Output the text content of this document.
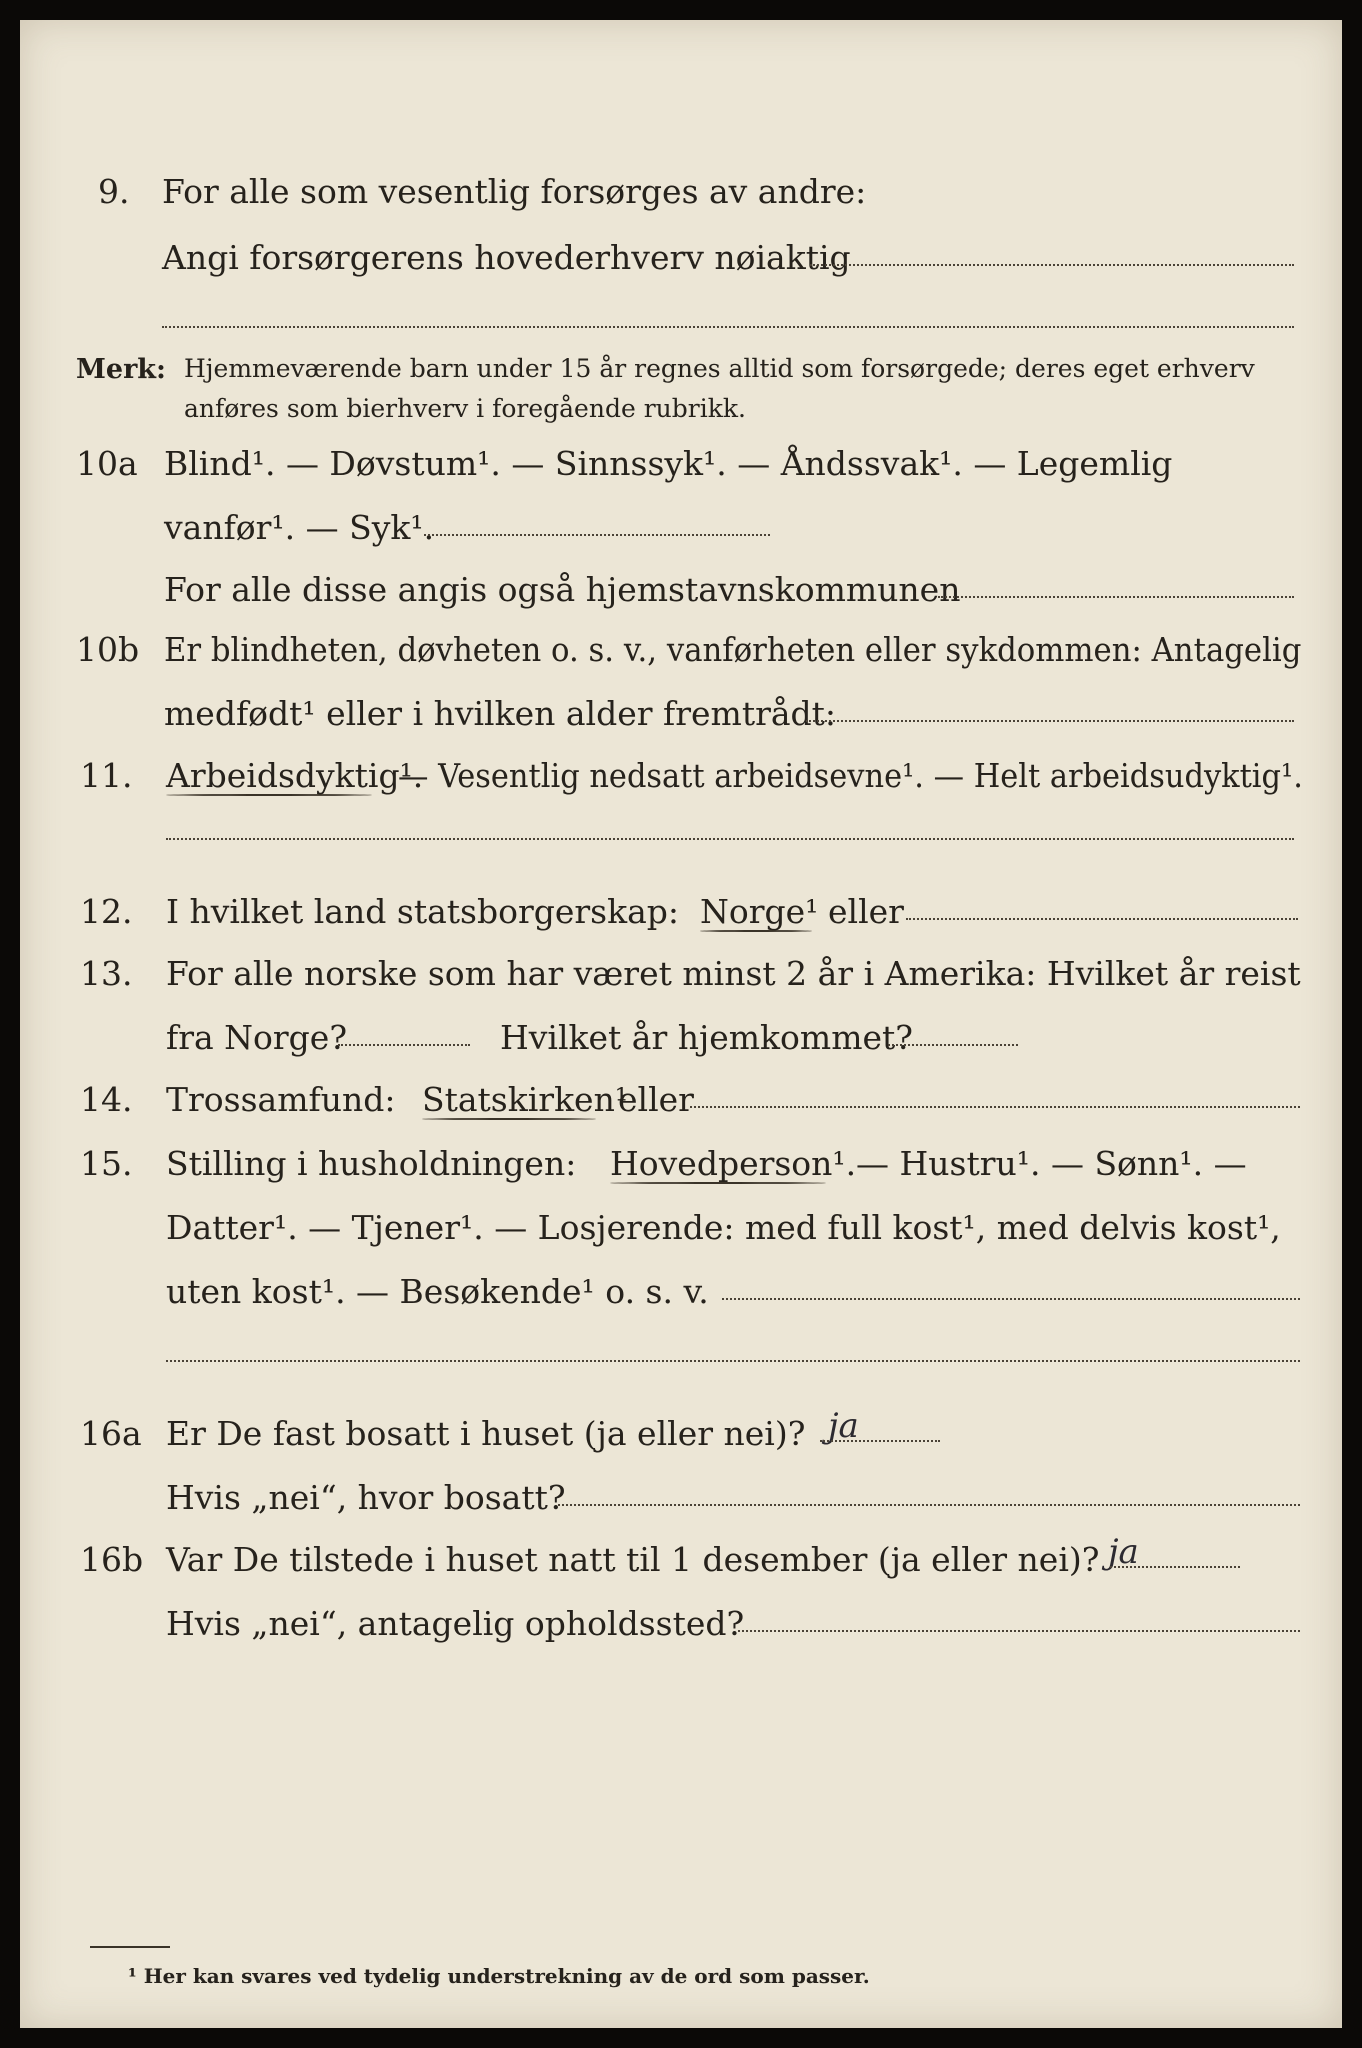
9. For alle som vesentlig forsørges av andre:
Angi forsørgerens hovederhverv nøiaktig
Merk: Hjemmeværende barn under 15 år regnes alltid som forsørgede; deres eget erhverv
anføres som bierhverv i foregående rubrikk.
10a Blind¹. — Døvstum¹. — Sinnssyk¹. — Åndssvak¹. — Legemlig
vanfør¹. — Syk¹.
For alle disse angis også hjemstavnskommunen
10b Er blindheten, døvheten o. s. v., vanførheten eller sykdommen: Antagelig
medfødt¹ eller i hvilken alder fremtrådt:
11. Arbeidsdyktig¹.
— Vesentlig nedsatt arbeidsevne¹. — Helt arbeidsudyktig¹.
12. I hvilket land statsborgerskap: Norge¹ eller
13. For alle norske som har været minst 2 år i Amerika: Hvilket år reist
fra Norge?	Hvilket år hjemkommet?
14. Trossamfund: Statskirken¹
eller
15. Stilling i husholdningen: Hovedperson¹. — Hustru¹. — Sønn¹. —
Datter¹. — Tjener¹. — Losjerende: med full kost¹, med delvis kost¹,
uten kost¹. — Besøkende¹ o. s. v.
16a Er De fast bosatt i huset (ja eller nei)? ja
Hvis „nei“, hvor bosatt?
16b Var De tilstede i huset natt til 1 desember (ja eller nei)? ja
Hvis „nei“, antagelig opholdssted?
¹ Her kan svares ved tydelig understrekning av de ord som passer.
